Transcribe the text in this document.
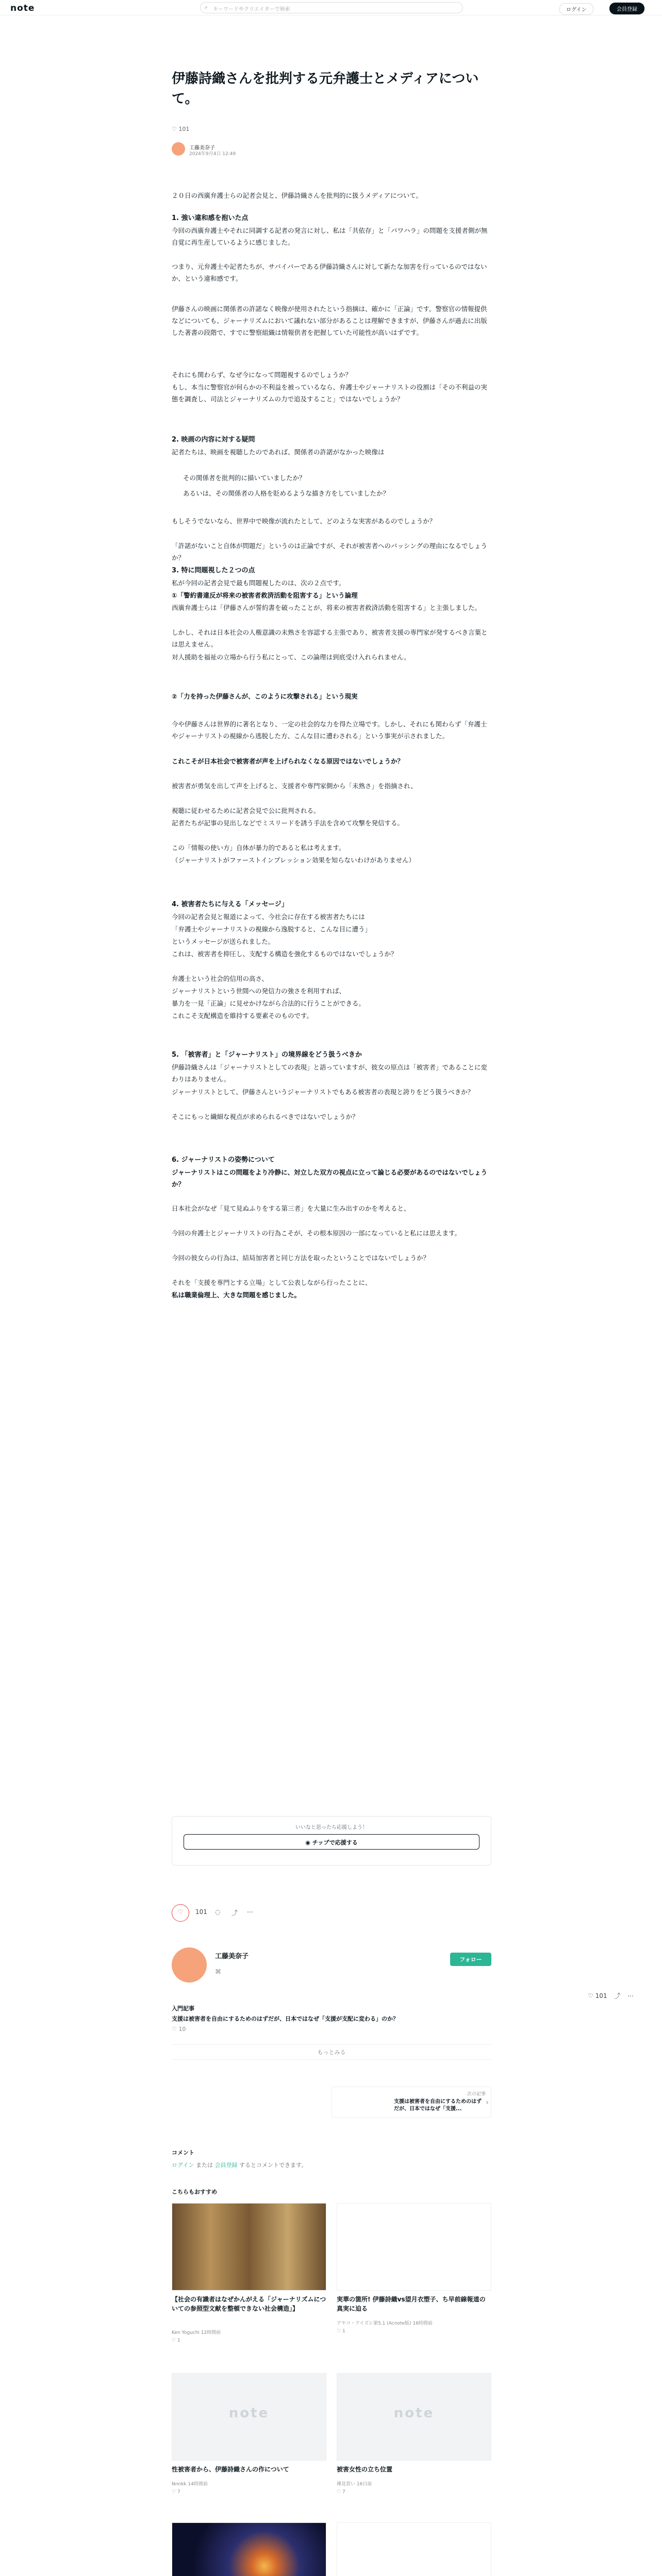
note	⌕ キーワードやクリエイターで検索	ログイン	会員登録
伊藤詩織さんを批判する元弁護士とメディアについて。
♡ 101
工藤美奈子
2024年9月4日 12:49
２０日の西廣弁護士らの記者会見と、伊藤詩織さんを批判的に扱うメディアについて。
1. 強い違和感を抱いた点
今回の西廣弁護士やそれに同調する記者の発言に対し、私は「共依存」と「パワハラ」の問題を支援者側が無自覚に再生産しているように感じました。
つまり、元弁護士や記者たちが、サバイバーである伊藤詩織さんに対して新たな加害を行っているのではないか、という違和感です。
伊藤さんの映画に関係者の許諾なく映像が使用されたという指摘は、確かに「正論」です。警察官の情報提供などについても、ジャーナリズムにおいて議れない部分があることは理解できますが、伊藤さんが過去に出版した著書の段階で、すでに警察組織は情報供者を把握していた可能性が高いはずです。
それにも関わらず、なぜ今になって問題視するのでしょうか？
もし、本当に警察官が何らかの不利益を被っているなら、弁護士やジャーナリストの役割は「その不利益の実態を調査し、司法とジャーナリズムの力で追及すること」ではないでしょうか？
2. 映画の内容に対する疑問
記者たちは、映画を視聴したのであれば、関係者の許諾がなかった映像は
その関係者を批判的に描いていましたか？
あるいは、その関係者の人格を貶めるような描き方をしていましたか？
もしそうでないなら、世界中で映像が流れたとして、どのような実害があるのでしょうか？
「許諾がないこと自体が問題だ」というのは正論ですが、それが被害者へのバッシングの理由になるでしょうか？
3. 特に問題視した２つの点
私が今回の記者会見で最も問題視したのは、次の２点です。
①「警約書違反が将来の被害者救済活動を阻害する」という論理
西廣弁護士らは「伊藤さんが誓約書を破ったことが、将来の被害者救済活動を阻害する」と主張しました。
しかし、それは日本社会の人権意識の未熟さを容認する主張であり、被害者支援の専門家が発するべき言葉とは思えません。
対人援助を福祉の立場から行う私にとって、この論理は到底受け入れられません。
②「力を持った伊藤さんが、このように攻撃される」という現実
今や伊藤さんは世界的に著名となり、一定の社会的な力を得た立場です。しかし、それにも関わらず「弁護士やジャーナリストの視線から逃脱した方、こんな目に遭わされる」という事実が示されました。
これこそが日本社会で被害者が声を上げられなくなる原因ではないでしょうか？
被害者が勇気を出して声を上げると、支援者や専門家側から「未熟さ」を指摘され、
視聴に従わせるために記者会見で公に批判される。
記者たちが記事の見出しなどでミスリードを誘う手法を含めて攻撃を発信する。
この「情報の使い方」自体が暴力的であると私は考えます。
（ジャーナリストがファーストインプレッション効果を知らないわけがありません）
4. 被害者たちに与える「メッセージ」
今回の記者会見と報道によって、今社会に存在する被害者たちには
「弁護士やジャーナリストの視線から逸脱すると、こんな目に遭う」
というメッセージが送られました。
これは、被害者を抑圧し、支配する構造を強化するものではないでしょうか？
弁護士という社会的信用の高さ、
ジャーナリストという世間への発信力の強さを利用すれば、
暴力を一見「正論」に見せかけながら合法的に行うことができる。
これこそ支配構造を維持する要素そのものです。
5. 「被害者」と「ジャーナリスト」の境界線をどう扱うべきか
伊藤詩織さんは「ジャーナリストとしての表現」と語っていますが、彼女の原点は「被害者」であることに変わりはありません。
ジャーナリストとして、伊藤さんというジャーナリストでもある被害者の表現と誇りをどう扱うべきか？
そこにもっと繊細な視点が求められるべきではないでしょうか？
6. ジャーナリストの姿勢について
ジャーナリストはこの問題をより冷静に、対立した双方の視点に立って論じる必要があるのではないでしょうか？
日本社会がなぜ「見て見ぬふりをする第三者」を大量に生み出すのかを考えると、
今回の弁護士とジャーナリストの行為こそが、その根本原因の一部になっていると私には思えます。
今回の彼女らの行為は、結局加害者と同じ方法を取ったということではないでしょうか？
それを「支援を専門とする立場」として公表しながら行ったことに、
私は職業倫理上、大きな問題を感じました。
いいなと思ったら応援しよう！
◉ チップで応援する
♡	101 ◌ ⤴ ⋯
工藤美奈子
⌘
フォロー
♡ 101 ⤴ ⋯
入門記事
支援は被害者を自由にするためのはずだが、日本ではなぜ「支援が支配に変わる」のか？
♡ 10
もっとみる
次の記事
支援は被害者を自由にするためのはずだが、日本ではなぜ「支援...
›
コメント
ログイン または 会員登録 するとコメントできます。
こちらもおすすめ
【社会の有識者はなぜかんがえる「ジャーナリズムについての参照型文献を整頓できない社会構造」】
Ken Yoguchi 12時間前
♡ 1
実華の箇所! 伊藤詩織vs望月衣塑子、ち早前線報道の真実に迫る
アヤコ・アイズシ第5.1 (Acnote版) 16時間前
♡ 1
note
性被害者から、伊藤詩織さんの作について
Nnnkk 14時間前
♡ 7
note
被害女性の立ち位置
裸見習い 16日前
♡ 7
